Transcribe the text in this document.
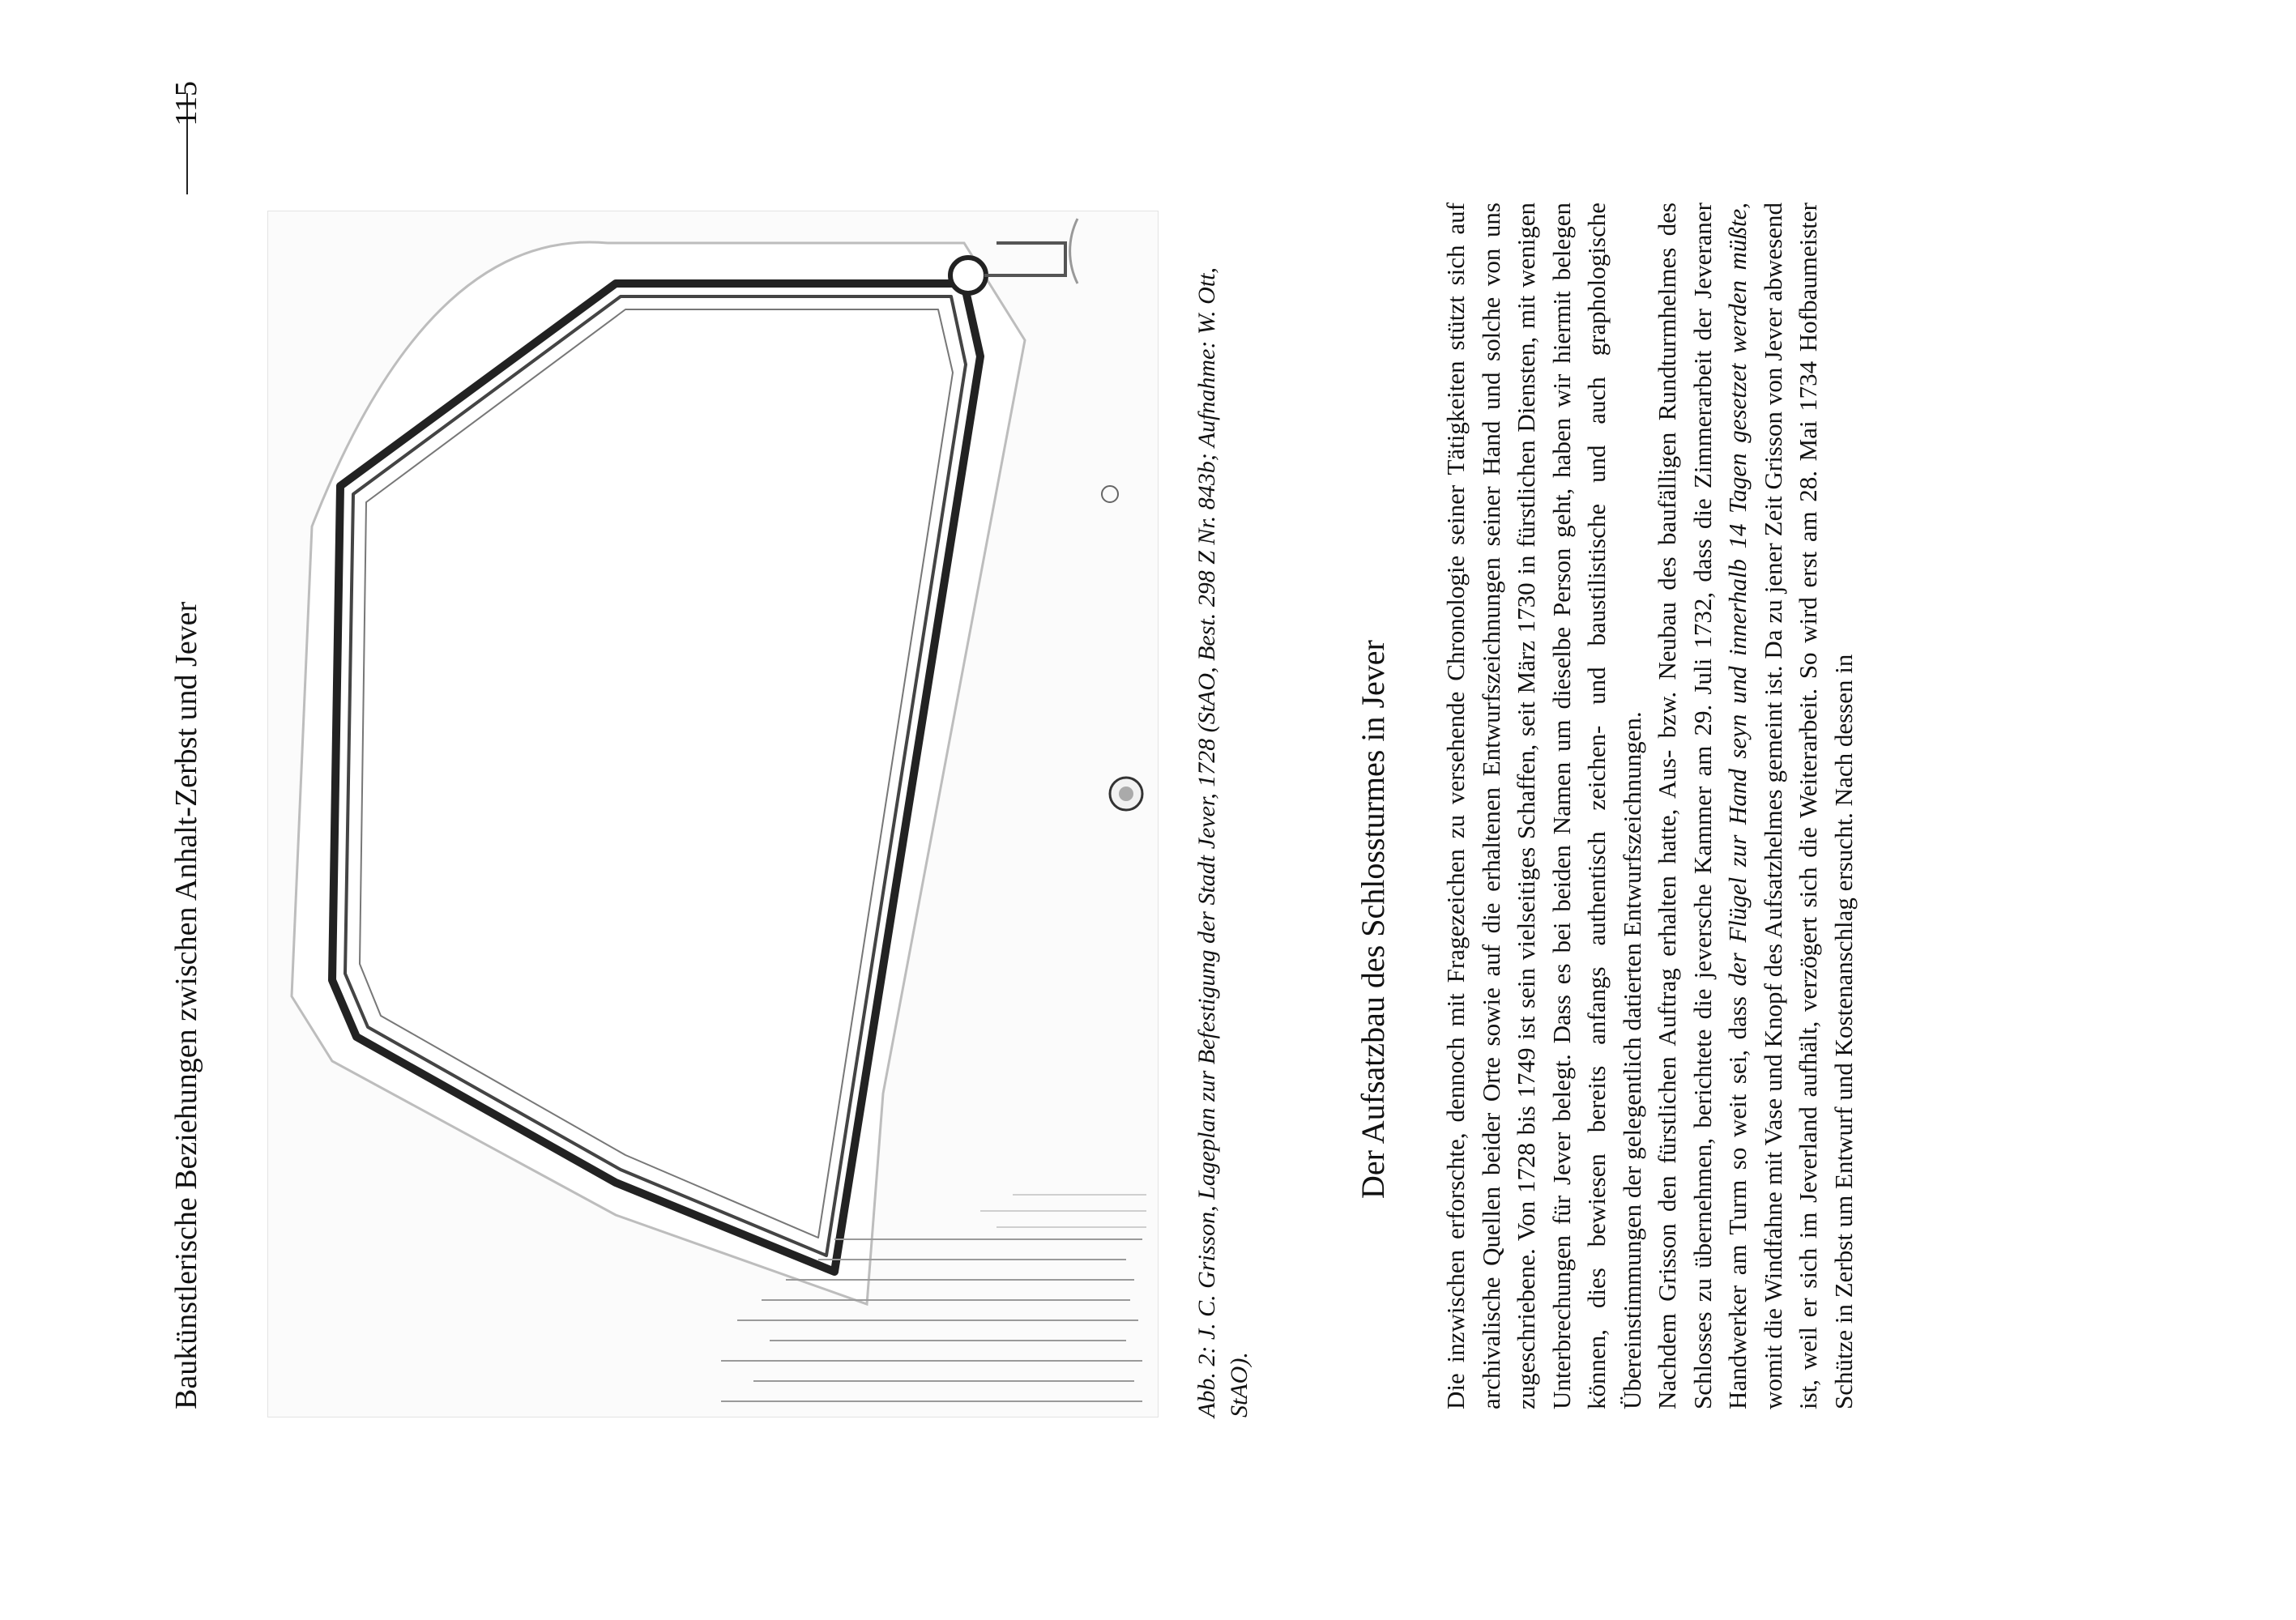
Baukünstlerische Beziehungen zwischen Anhalt-Zerbst und Jever
115
Abb. 2: J. C. Grisson, Lageplan zur Befestigung der Stadt Jever, 1728 (StAO, Best. 298 Z Nr. 843b; Aufnahme: W. Ott, StAO).
Der Aufsatzbau des Schlossturmes in Jever Die inzwischen erforschte, dennoch mit Fragezeichen zu versehende Chronologie seiner Tätigkeiten stützt sich auf archivalische Quellen beider Orte sowie auf die erhaltenen Entwurfszeichnungen seiner Hand und solche von uns zugeschriebene. Von 1728 bis 1749 ist sein vielseitiges Schaffen, seit März 1730 in fürstlichen Diensten, mit wenigen Unterbrechungen für Jever belegt. Dass es bei beiden Namen um dieselbe Person geht, haben wir hiermit belegen können, dies bewiesen bereits anfangs authentisch zeichen- und baustilistische und auch graphologische Übereinstimmungen der gelegentlich datierten Entwurfszeichnungen. Nachdem Grisson den fürstlichen Auftrag erhalten hatte, Aus- bzw. Neubau des baufälligen Rundturmhelmes des Schlosses zu übernehmen, berichtete die jeversche Kammer am 29. Juli 1732, dass die Zimmerarbeit der Jeveraner Handwerker am Turm so weit sei, dass der Flügel zur Hand seyn und innerhalb 14 Tagen gesetzet werden müßte, womit die Windfahne mit Vase und Knopf des Aufsatzhelmes gemeint ist. Da zu jener Zeit Grisson von Jever abwesend ist, weil er sich im Jeverland aufhält, verzögert sich die Weiterarbeit. So wird erst am 28. Mai 1734 Hofbaumeister Schütze in Zerbst um Entwurf und Kostenanschlag ersucht. Nach dessen in
